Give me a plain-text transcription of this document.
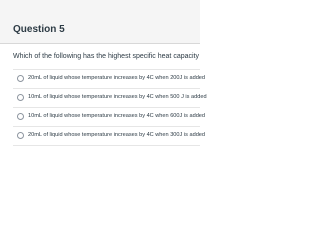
Question 5
Which of the following has the highest specific heat capacity
20mL of liquid whose temperature increases by 4C when 200J is added
10mL of liquid whose temperature increases by 4C when 500 J is added
10mL of liquid whose temperature increases by 4C when 600J is added
20mL of liquid whose temperature increases by 4C when 300J is added
